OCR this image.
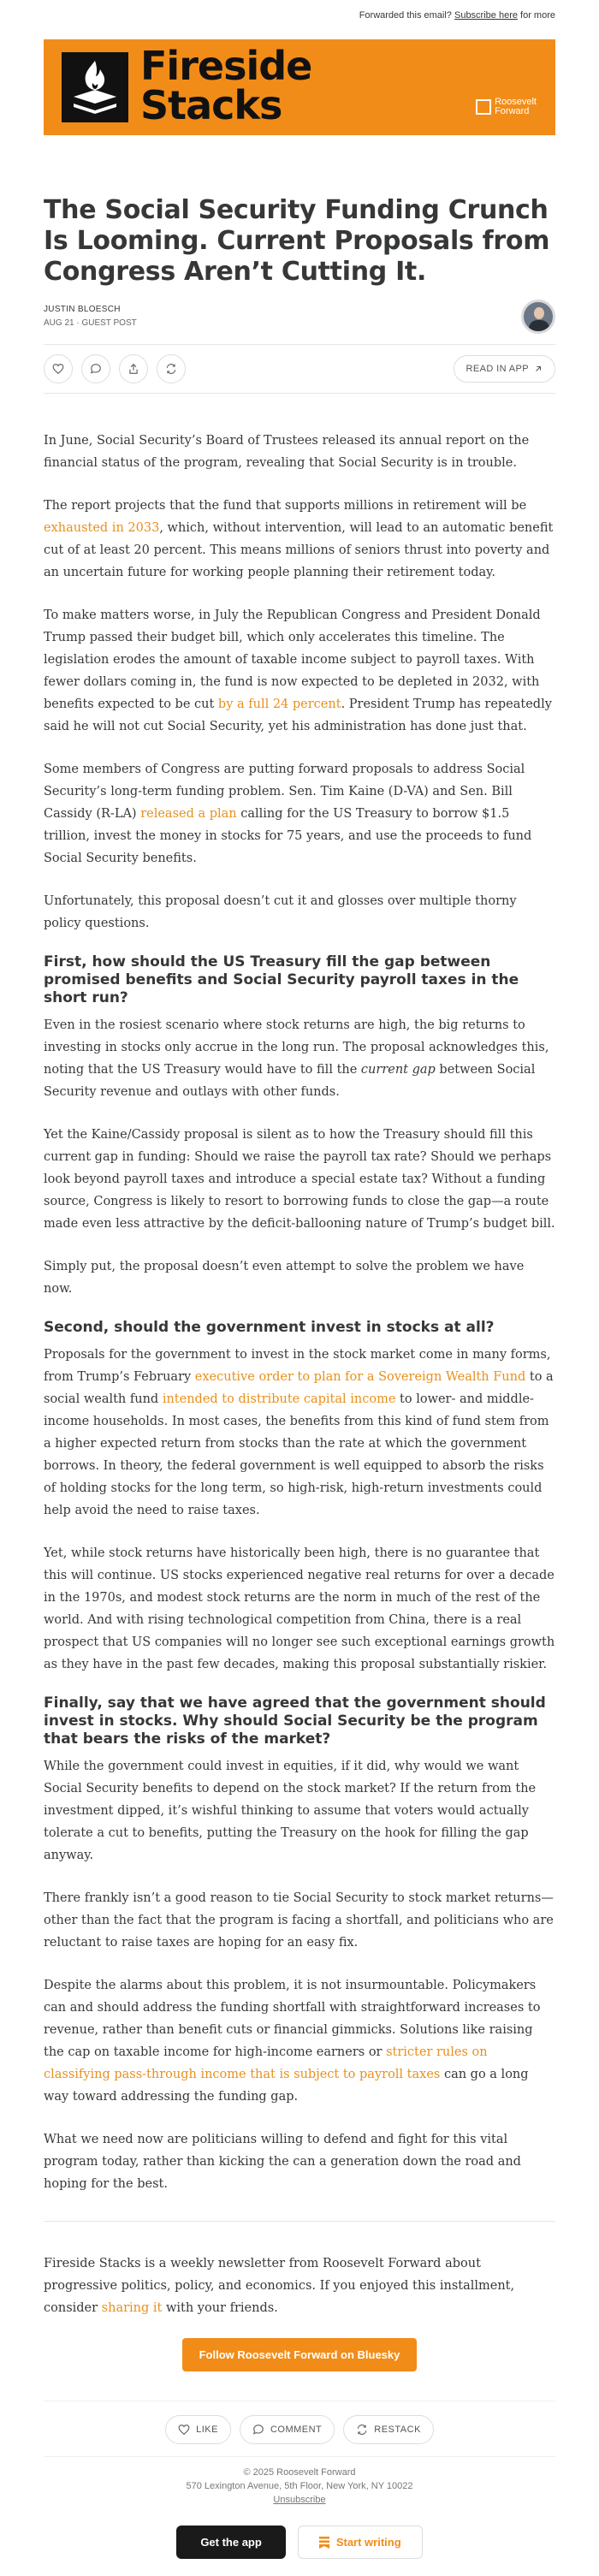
Forwarded this email? Subscribe here for more
Fireside
Stacks	Roosevelt
Forward
The Social Security Funding Crunch Is Looming. Current Proposals from Congress Aren’t Cutting It.
JUSTIN BLOESCH
AUG 21 · GUEST POST
READ IN APP

In June, Social Security’s Board of Trustees released its annual report on the financial status of the program, revealing that Social Security is in trouble.

The report projects that the fund that supports millions in retirement will be exhausted in 2033, which, without intervention, will lead to an automatic benefit cut of at least 20 percent. This means millions of seniors thrust into poverty and an uncertain future for working people planning their retirement today.

To make matters worse, in July the Republican Congress and President Donald Trump passed their budget bill, which only accelerates this timeline. The legislation erodes the amount of taxable income subject to payroll taxes. With fewer dollars coming in, the fund is now expected to be depleted in 2032, with benefits expected to be cut by a full 24 percent. President Trump has repeatedly said he will not cut Social Security, yet his administration has done just that.

Some members of Congress are putting forward proposals to address Social Security’s long-term funding problem. Sen. Tim Kaine (D-VA) and Sen. Bill Cassidy (R-LA) released a plan calling for the US Treasury to borrow $1.5 trillion, invest the money in stocks for 75 years, and use the proceeds to fund Social Security benefits.

Unfortunately, this proposal doesn’t cut it and glosses over multiple thorny policy questions.

First, how should the US Treasury fill the gap between promised benefits and Social Security payroll taxes in the short run?

Even in the rosiest scenario where stock returns are high, the big returns to investing in stocks only accrue in the long run. The proposal acknowledges this, noting that the US Treasury would have to fill the current gap between Social Security revenue and outlays with other funds.

Yet the Kaine/Cassidy proposal is silent as to how the Treasury should fill this current gap in funding: Should we raise the payroll tax rate? Should we perhaps look beyond payroll taxes and introduce a special estate tax? Without a funding source, Congress is likely to resort to borrowing funds to close the gap—a route made even less attractive by the deficit-ballooning nature of Trump’s budget bill.

Simply put, the proposal doesn’t even attempt to solve the problem we have now.

Second, should the government invest in stocks at all?

Proposals for the government to invest in the stock market come in many forms, from Trump’s February executive order to plan for a Sovereign Wealth Fund to a social wealth fund intended to distribute capital income to lower- and middle-income households. In most cases, the benefits from this kind of fund stem from a higher expected return from stocks than the rate at which the government borrows. In theory, the federal government is well equipped to absorb the risks of holding stocks for the long term, so high-risk, high-return investments could help avoid the need to raise taxes.

Yet, while stock returns have historically been high, there is no guarantee that this will continue. US stocks experienced negative real returns for over a decade in the 1970s, and modest stock returns are the norm in much of the rest of the world. And with rising technological competition from China, there is a real prospect that US companies will no longer see such exceptional earnings growth as they have in the past few decades, making this proposal substantially riskier.

Finally, say that we have agreed that the government should invest in stocks. Why should Social Security be the program that bears the risks of the market?

While the government could invest in equities, if it did, why would we want Social Security benefits to depend on the stock market? If the return from the investment dipped, it’s wishful thinking to assume that voters would actually tolerate a cut to benefits, putting the Treasury on the hook for filling the gap anyway.

There frankly isn’t a good reason to tie Social Security to stock market returns—other than the fact that the program is facing a shortfall, and politicians who are reluctant to raise taxes are hoping for an easy fix.

Despite the alarms about this problem, it is not insurmountable. Policymakers can and should address the funding shortfall with straightforward increases to revenue, rather than benefit cuts or financial gimmicks. Solutions like raising the cap on taxable income for high-income earners or stricter rules on classifying pass-through income that is subject to payroll taxes can go a long way toward addressing the funding gap.

What we need now are politicians willing to defend and fight for this vital program today, rather than kicking the can a generation down the road and hoping for the best.

Fireside Stacks is a weekly newsletter from Roosevelt Forward about progressive politics, policy, and economics. If you enjoyed this installment, consider sharing it with your friends.

Follow Roosevelt Forward on Bluesky
LIKE	COMMENT	RESTACK
© 2025 Roosevelt Forward
570 Lexington Avenue, 5th Floor, New York, NY 10022
Unsubscribe
Get the app	Start writing
